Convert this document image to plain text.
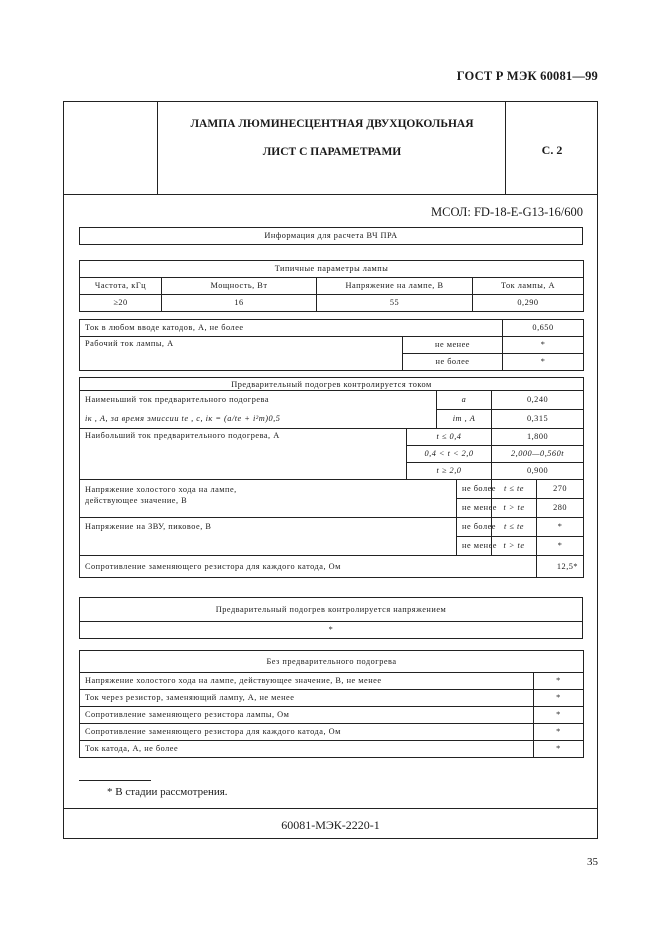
ГОСТ Р МЭК 60081—99
ЛАМПА ЛЮМИНЕСЦЕНТНАЯ ДВУХЦОКОЛЬНАЯ
ЛИСТ С ПАРАМЕТРАМИ	С. 2
МСОЛ: FD-18-E-G13-16/600
Информация для расчета ВЧ ПРА
Типичные параметры лампы			
Частота, кГц	Мощность, Вт	Напряжение на лампе, В	Ток лампы, А
≥20	16	55	0,290
Ток в любом вводе катодов, А, не более		0,650
Рабочий ток лампы, А	не менее	*
	не более	*
Предварительный подогрев контролируется током					
Наименьший ток предварительного подогрева		a		0,240	
iк , А, за время эмиссии tе , с, iк = (a/tе + i²m)0,5		im , А		0,315	
Наибольший ток предварительного подогрева, А	t ≤ 0,4			1,800	
	0,4 < t < 2,0			2,000—0,560t	
	t ≥ 2,0			0,900	
Напряжение холостого хода на лампе,
действующее значение, В			не более	t ≤ tе	270
			не менее	t > tе	280
Напряжение на ЗВУ, пиковое, В			не более	t ≤ tе	*
			не менее	t > tе	*
Сопротивление заменяющего резистора для каждого катода, Ом					12,5*
Предварительный подогрев контролируется напряжением
*
Без предварительного подогрева	
Напряжение холостого хода на лампе, действующее значение, В, не менее	*
Ток через резистор, заменяющий лампу, А, не менее	*
Сопротивление заменяющего резистора лампы, Ом	*
Сопротивление заменяющего резистора для каждого катода, Ом	*
Ток катода, А, не более	*
* В стадии рассмотрения.
60081-МЭК-2220-1
35
